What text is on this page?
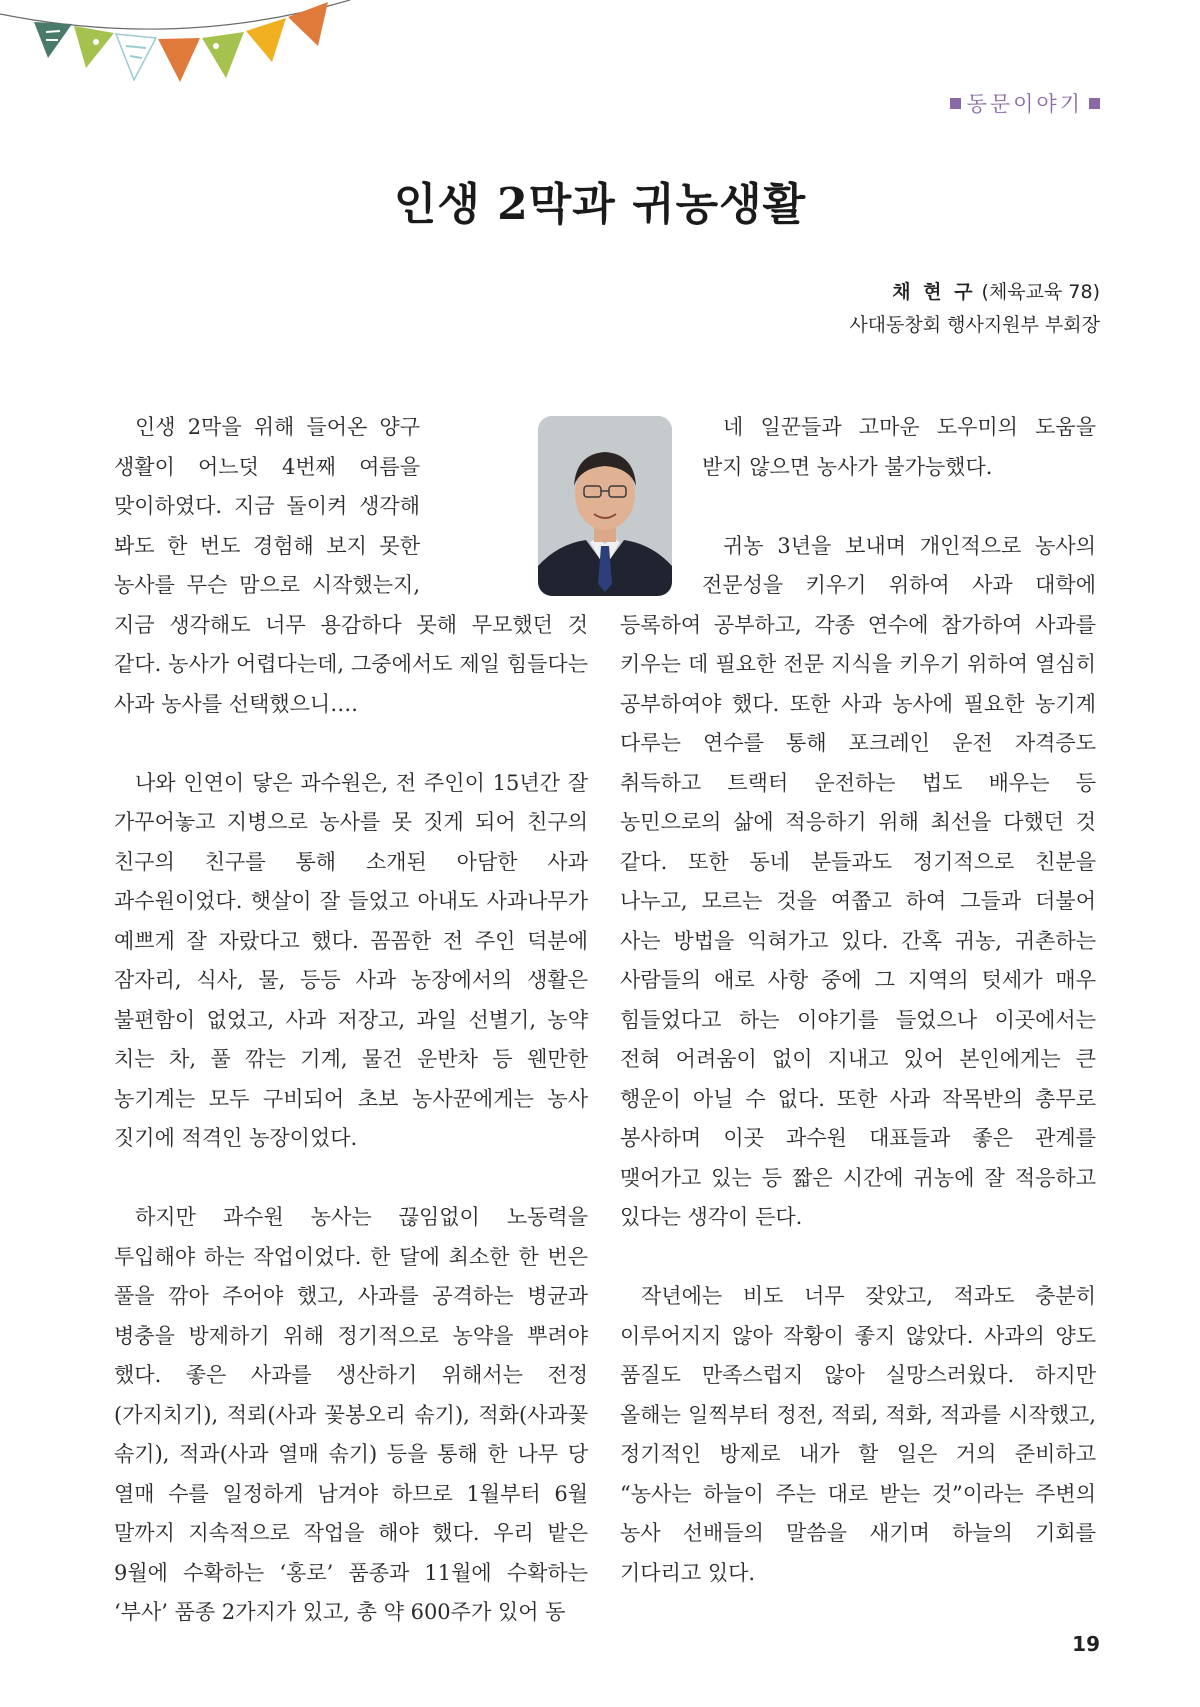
동문이야기
인생 2막과 귀농생활
채 현 구 (체육교육 78)
사대동창회 행사지원부 부회장

인생 2막을 위해 들어온 양구 생활이 어느덧 4번째 여름을 맞이하였다. 지금 돌이켜 생각해 봐도 한 번도 경험해 보지 못한 농사를 무슨 맘으로 시작했는지, 지금 생각해도 너무 용감하다 못해 무모했던 것 같다. 농사가 어렵다는데, 그중에서도 제일 힘들다는 사과 농사를 선택했으니….

나와 인연이 닿은 과수원은, 전 주인이 15년간 잘 가꾸어놓고 지병으로 농사를 못 짓게 되어 친구의 친구의 친구를 통해 소개된 아담한 사과 과수원이었다. 햇살이 잘 들었고 아내도 사과나무가 예쁘게 잘 자랐다고 했다. 꼼꼼한 전 주인 덕분에 잠자리, 식사, 물, 등등 사과 농장에서의 생활은 불편함이 없었고, 사과 저장고, 과일 선별기, 농약 치는 차, 풀 깎는 기계, 물건 운반차 등 웬만한 농기계는 모두 구비되어 초보 농사꾼에게는 농사 짓기에 적격인 농장이었다.

하지만 과수원 농사는 끊임없이 노동력을 투입해야 하는 작업이었다. 한 달에 최소한 한 번은 풀을 깎아 주어야 했고, 사과를 공격하는 병균과 병충을 방제하기 위해 정기적으로 농약을 뿌려야 했다. 좋은 사과를 생산하기 위해서는 전정(가지치기), 적뢰(사과 꽃봉오리 솎기), 적화(사과꽃 솎기), 적과(사과 열매 솎기) 등을 통해 한 나무 당 열매 수를 일정하게 남겨야 하므로 1월부터 6월 말까지 지속적으로 작업을 해야 했다. 우리 밭은 9월에 수확하는 ‘홍로’ 품종과 11월에 수확하는 ‘부사’ 품종 2가지가 있고, 총 약 600주가 있어 동

네 일꾼들과 고마운 도우미의 도움을 받지 않으면 농사가 불가능했다.

귀농 3년을 보내며 개인적으로 농사의 전문성을 키우기 위하여 사과 대학에 등록하여 공부하고, 각종 연수에 참가하여 사과를 키우는 데 필요한 전문 지식을 키우기 위하여 열심히 공부하여야 했다. 또한 사과 농사에 필요한 농기계 다루는 연수를 통해 포크레인 운전 자격증도 취득하고 트랙터 운전하는 법도 배우는 등 농민으로의 삶에 적응하기 위해 최선을 다했던 것 같다. 또한 동네 분들과도 정기적으로 친분을 나누고, 모르는 것을 여쭙고 하여 그들과 더불어 사는 방법을 익혀가고 있다. 간혹 귀농, 귀촌하는 사람들의 애로 사항 중에 그 지역의 텃세가 매우 힘들었다고 하는 이야기를 들었으나 이곳에서는 전혀 어려움이 없이 지내고 있어 본인에게는 큰 행운이 아닐 수 없다. 또한 사과 작목반의 총무로 봉사하며 이곳 과수원 대표들과 좋은 관계를 맺어가고 있는 등 짧은 시간에 귀농에 잘 적응하고 있다는 생각이 든다.

작년에는 비도 너무 잦았고, 적과도 충분히 이루어지지 않아 작황이 좋지 않았다. 사과의 양도 품질도 만족스럽지 않아 실망스러웠다. 하지만 올해는 일찍부터 정전, 적뢰, 적화, 적과를 시작했고, 정기적인 방제로 내가 할 일은 거의 준비하고 “농사는 하늘이 주는 대로 받는 것”이라는 주변의 농사 선배들의 말씀을 새기며 하늘의 기회를 기다리고 있다.

19
